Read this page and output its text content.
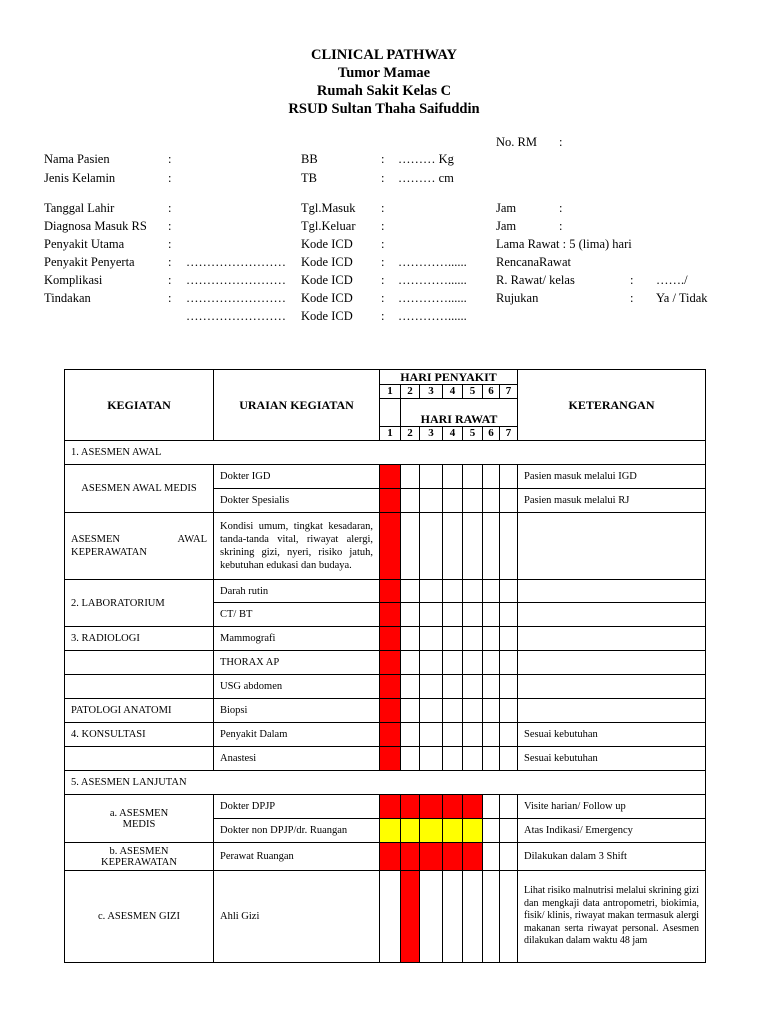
CLINICAL PATHWAY
Tumor Mamae
Rumah Sakit Kelas C
RSUD Sultan Thaha Saifuddin
No. RM :
Nama Pasien	:	BB	: ……… Kg
Jenis Kelamin	:	TB	: ……… cm
Tanggal Lahir	:	Tgl.Masuk :	Jam	:
Diagnosa Masuk RS :	Tgl.Keluar :	Jam	:
Penyakit Utama	:	Kode ICD :	Lama Rawat : 5 (lima) hari
Penyakit Penyerta	: …………………… Kode ICD : …………...... RencanaRawat
Komplikasi	: …………………… Kode ICD : …………...... R. Rawat/ kelas	: ……./
Tindakan	: …………………… Kode ICD : …………...... Rujukan	: Ya / Tidak
…………………… Kode ICD : …………......
KEGIATAN	URAIAN KEGIATAN	HARI PENYAKIT							KETERANGAN
		1	2	3	4	5	6	7	
			HARI RAWAT						
		1	2	3	4	5	6	7	
1. ASESMEN AWAL									
ASESMEN AWAL MEDIS	Dokter IGD								Pasien masuk melalui IGD
	Dokter Spesialis								Pasien masuk melalui RJ
ASESMEN AWAL KEPERAWATAN	Kondisi umum, tingkat kesadaran, tanda-tanda vital, riwayat alergi, skrining gizi, nyeri, risiko jatuh, kebutuhan edukasi dan budaya.								
2. LABORATORIUM	Darah rutin								
	CT/ BT								
3. RADIOLOGI	Mammografi								
	THORAX AP								
	USG abdomen								
PATOLOGI ANATOMI	Biopsi								
4. KONSULTASI	Penyakit Dalam								Sesuai kebutuhan
	Anastesi								Sesuai kebutuhan
5. ASESMEN LANJUTAN									
a. ASESMEN MEDIS	Dokter DPJP								Visite harian/ Follow up
	Dokter non DPJP/dr. Ruangan								Atas Indikasi/ Emergency
b. ASESMEN KEPERAWATAN	Perawat Ruangan								Dilakukan dalam 3 Shift
c. ASESMEN GIZI	Ahli Gizi								Lihat risiko malnutrisi melalui skrining gizi dan mengkaji data antropometri, biokimia, fisik/ klinis, riwayat makan termasuk alergi makanan serta riwayat personal. Asesmen dilakukan dalam waktu 48 jam
